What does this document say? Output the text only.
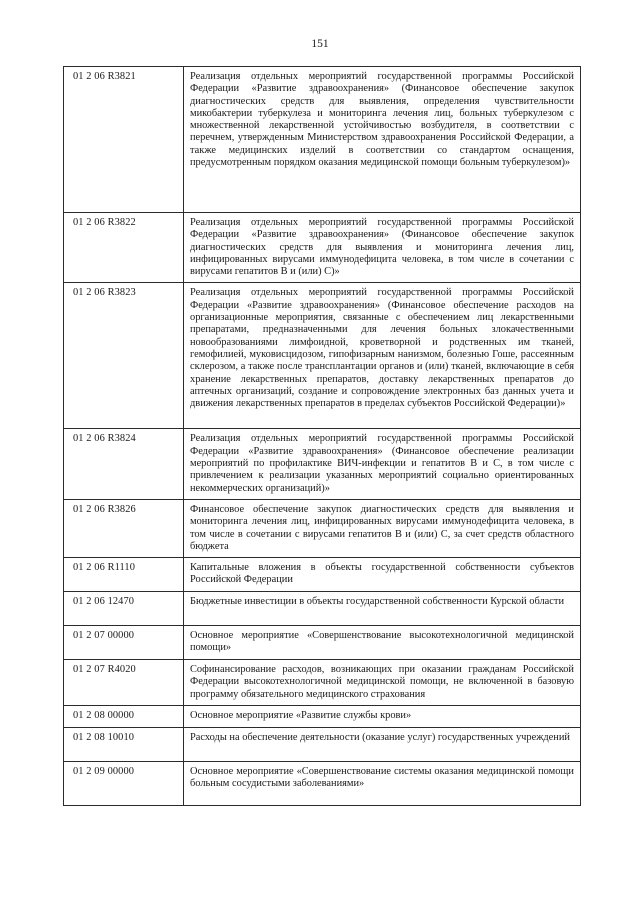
151
01 2 06 R3821	Реализация отдельных мероприятий государственной программы Российской Федерации «Развитие здравоохранения» (Финансовое обеспечение закупок диагностических средств для выявления, определения чувствительности микобактерии туберкулеза и мониторинга лечения лиц, больных туберкулезом с множественной лекарственной устойчивостью возбудителя, в соответствии с перечнем, утвержденным Министерством здравоохранения Российской Федерации, а также медицинских изделий в соответствии со стандартом оснащения, предусмотренным порядком оказания медицинской помощи больным туберкулезом)»
01 2 06 R3822	Реализация отдельных мероприятий государственной программы Российской Федерации «Развитие здравоохранения» (Финансовое обеспечение закупок диагностических средств для выявления и мониторинга лечения лиц, инфицированных вирусами иммунодефицита человека, в том числе в сочетании с вирусами гепатитов В и (или) С)»
01 2 06 R3823	Реализация отдельных мероприятий государственной программы Российской Федерации «Развитие здравоохранения» (Финансовое обеспечение расходов на организационные мероприятия, связанные с обеспечением лиц лекарственными препаратами, предназначенными для лечения больных злокачественными новообразованиями лимфоидной, кроветворной и родственных им тканей, гемофилией, муковисцидозом, гипофизарным нанизмом, болезнью Гоше, рассеянным склерозом, а также после трансплантации органов и (или) тканей, включающие в себя хранение лекарственных препаратов, доставку лекарственных препаратов до аптечных организаций, создание и сопровождение электронных баз данных учета и движения лекарственных препаратов в пределах субъектов Российской Федерации)»
01 2 06 R3824	Реализация отдельных мероприятий государственной программы Российской Федерации «Развитие здравоохранения» (Финансовое обеспечение реализации мероприятий по профилактике ВИЧ-инфекции и гепатитов В и С, в том числе с привлечением к реализации указанных мероприятий социально ориентированных некоммерческих организаций)»
01 2 06 R3826	Финансовое обеспечение закупок диагностических средств для выявления и мониторинга лечения лиц, инфицированных вирусами иммунодефицита человека, в том числе в сочетании с вирусами гепатитов В и (или) С, за счет средств областного бюджета
01 2 06 R1110	Капитальные вложения в объекты государственной собственности субъектов Российской Федерации
01 2 06 12470	Бюджетные инвестиции в объекты государственной собственности Курской области
01 2 07 00000	Основное мероприятие «Совершенствование высокотехнологичной медицинской помощи»
01 2 07 R4020	Софинансирование расходов, возникающих при оказании гражданам Российской Федерации высокотехнологичной медицинской помощи, не включенной в базовую программу обязательного медицинского страхования
01 2 08 00000	Основное мероприятие «Развитие службы крови»
01 2 08 10010	Расходы на обеспечение деятельности (оказание услуг) государственных учреждений
01 2 09 00000	Основное мероприятие «Совершенствование системы оказания медицинской помощи больным сосудистыми заболеваниями»
